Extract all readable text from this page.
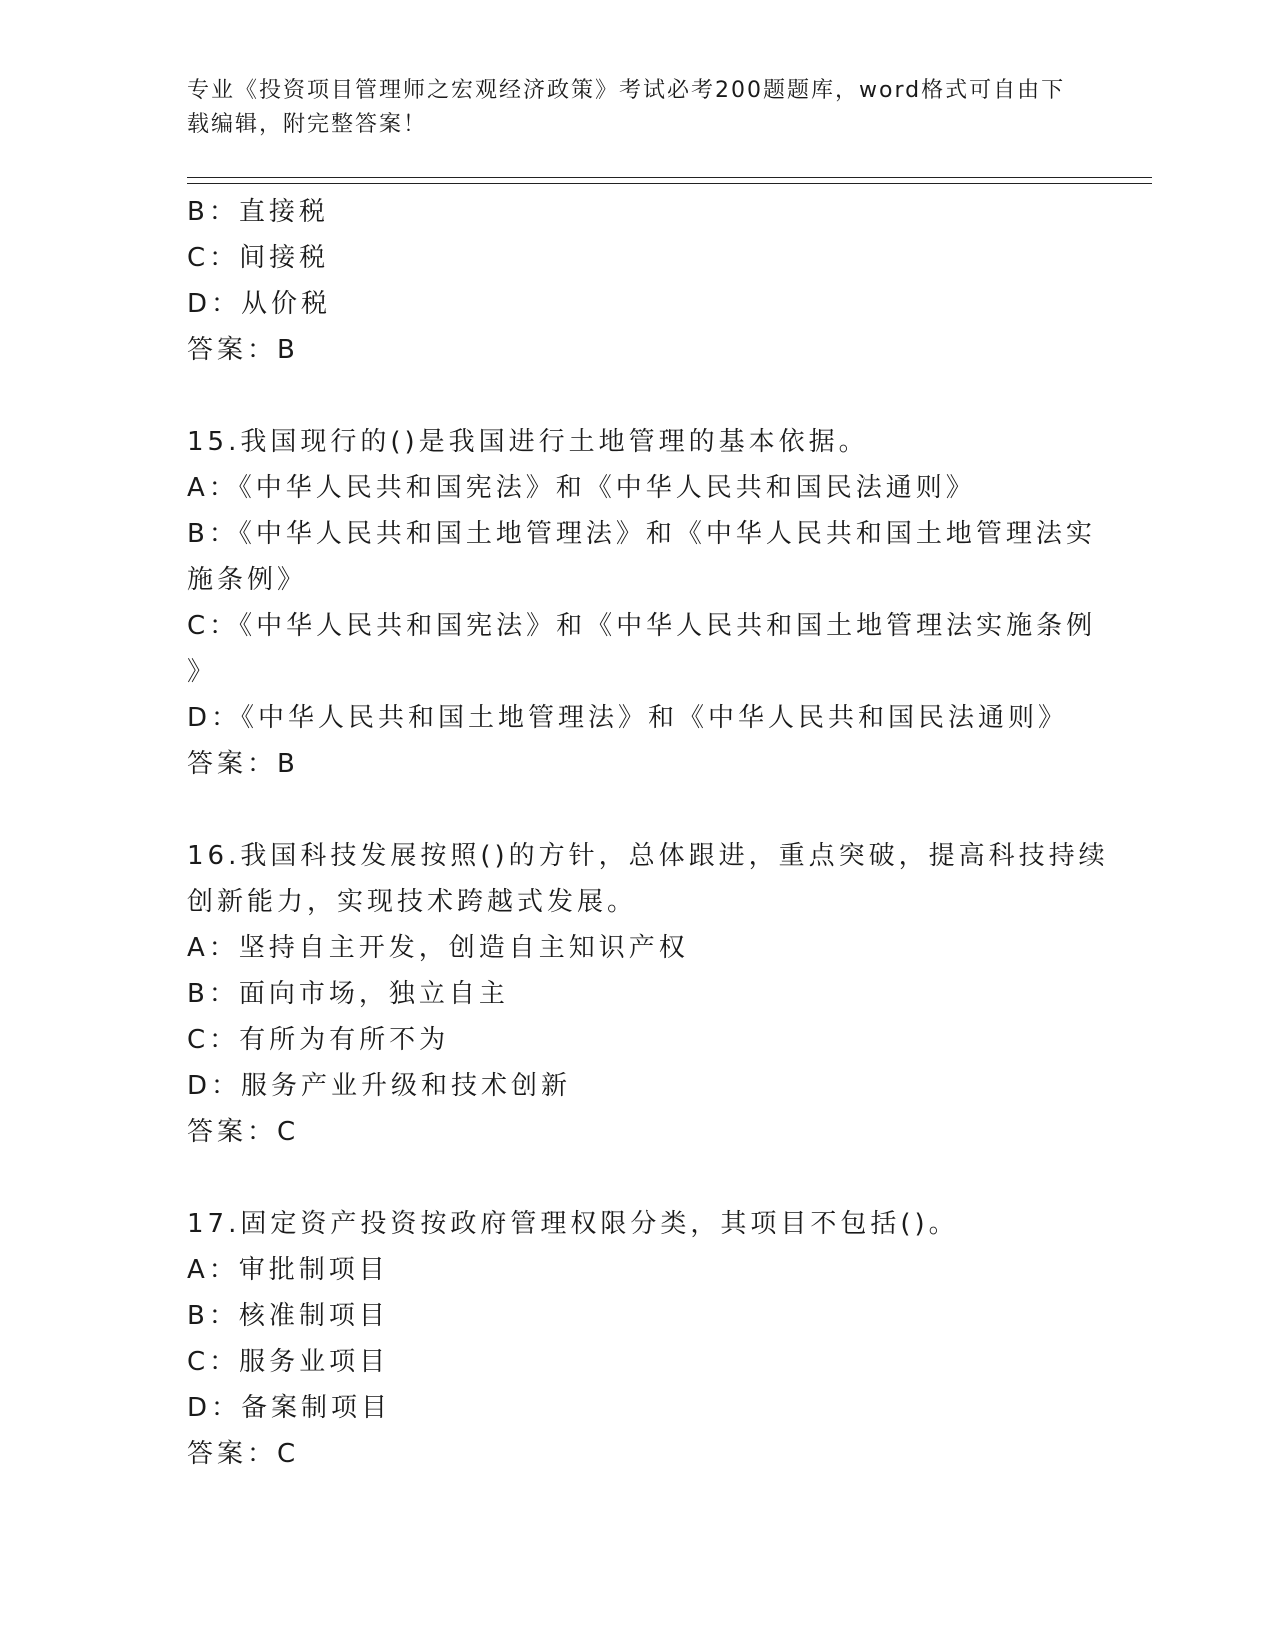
专业《投资项目管理师之宏观经济政策》考试必考200题题库，word格式可自由下载编辑，附完整答案！
B：直接税
C：间接税
D：从价税
答案：B
15.我国现行的()是我国进行土地管理的基本依据。
A：《中华人民共和国宪法》和《中华人民共和国民法通则》
B：《中华人民共和国土地管理法》和《中华人民共和国土地管理法实
施条例》
C：《中华人民共和国宪法》和《中华人民共和国土地管理法实施条例
》
D：《中华人民共和国土地管理法》和《中华人民共和国民法通则》
答案：B
16.我国科技发展按照()的方针，总体跟进，重点突破，提高科技持续
创新能力，实现技术跨越式发展。
A：坚持自主开发，创造自主知识产权
B：面向市场，独立自主
C：有所为有所不为
D：服务产业升级和技术创新
答案：C
17.固定资产投资按政府管理权限分类，其项目不包括()。
A：审批制项目
B：核准制项目
C：服务业项目
D：备案制项目
答案：C
